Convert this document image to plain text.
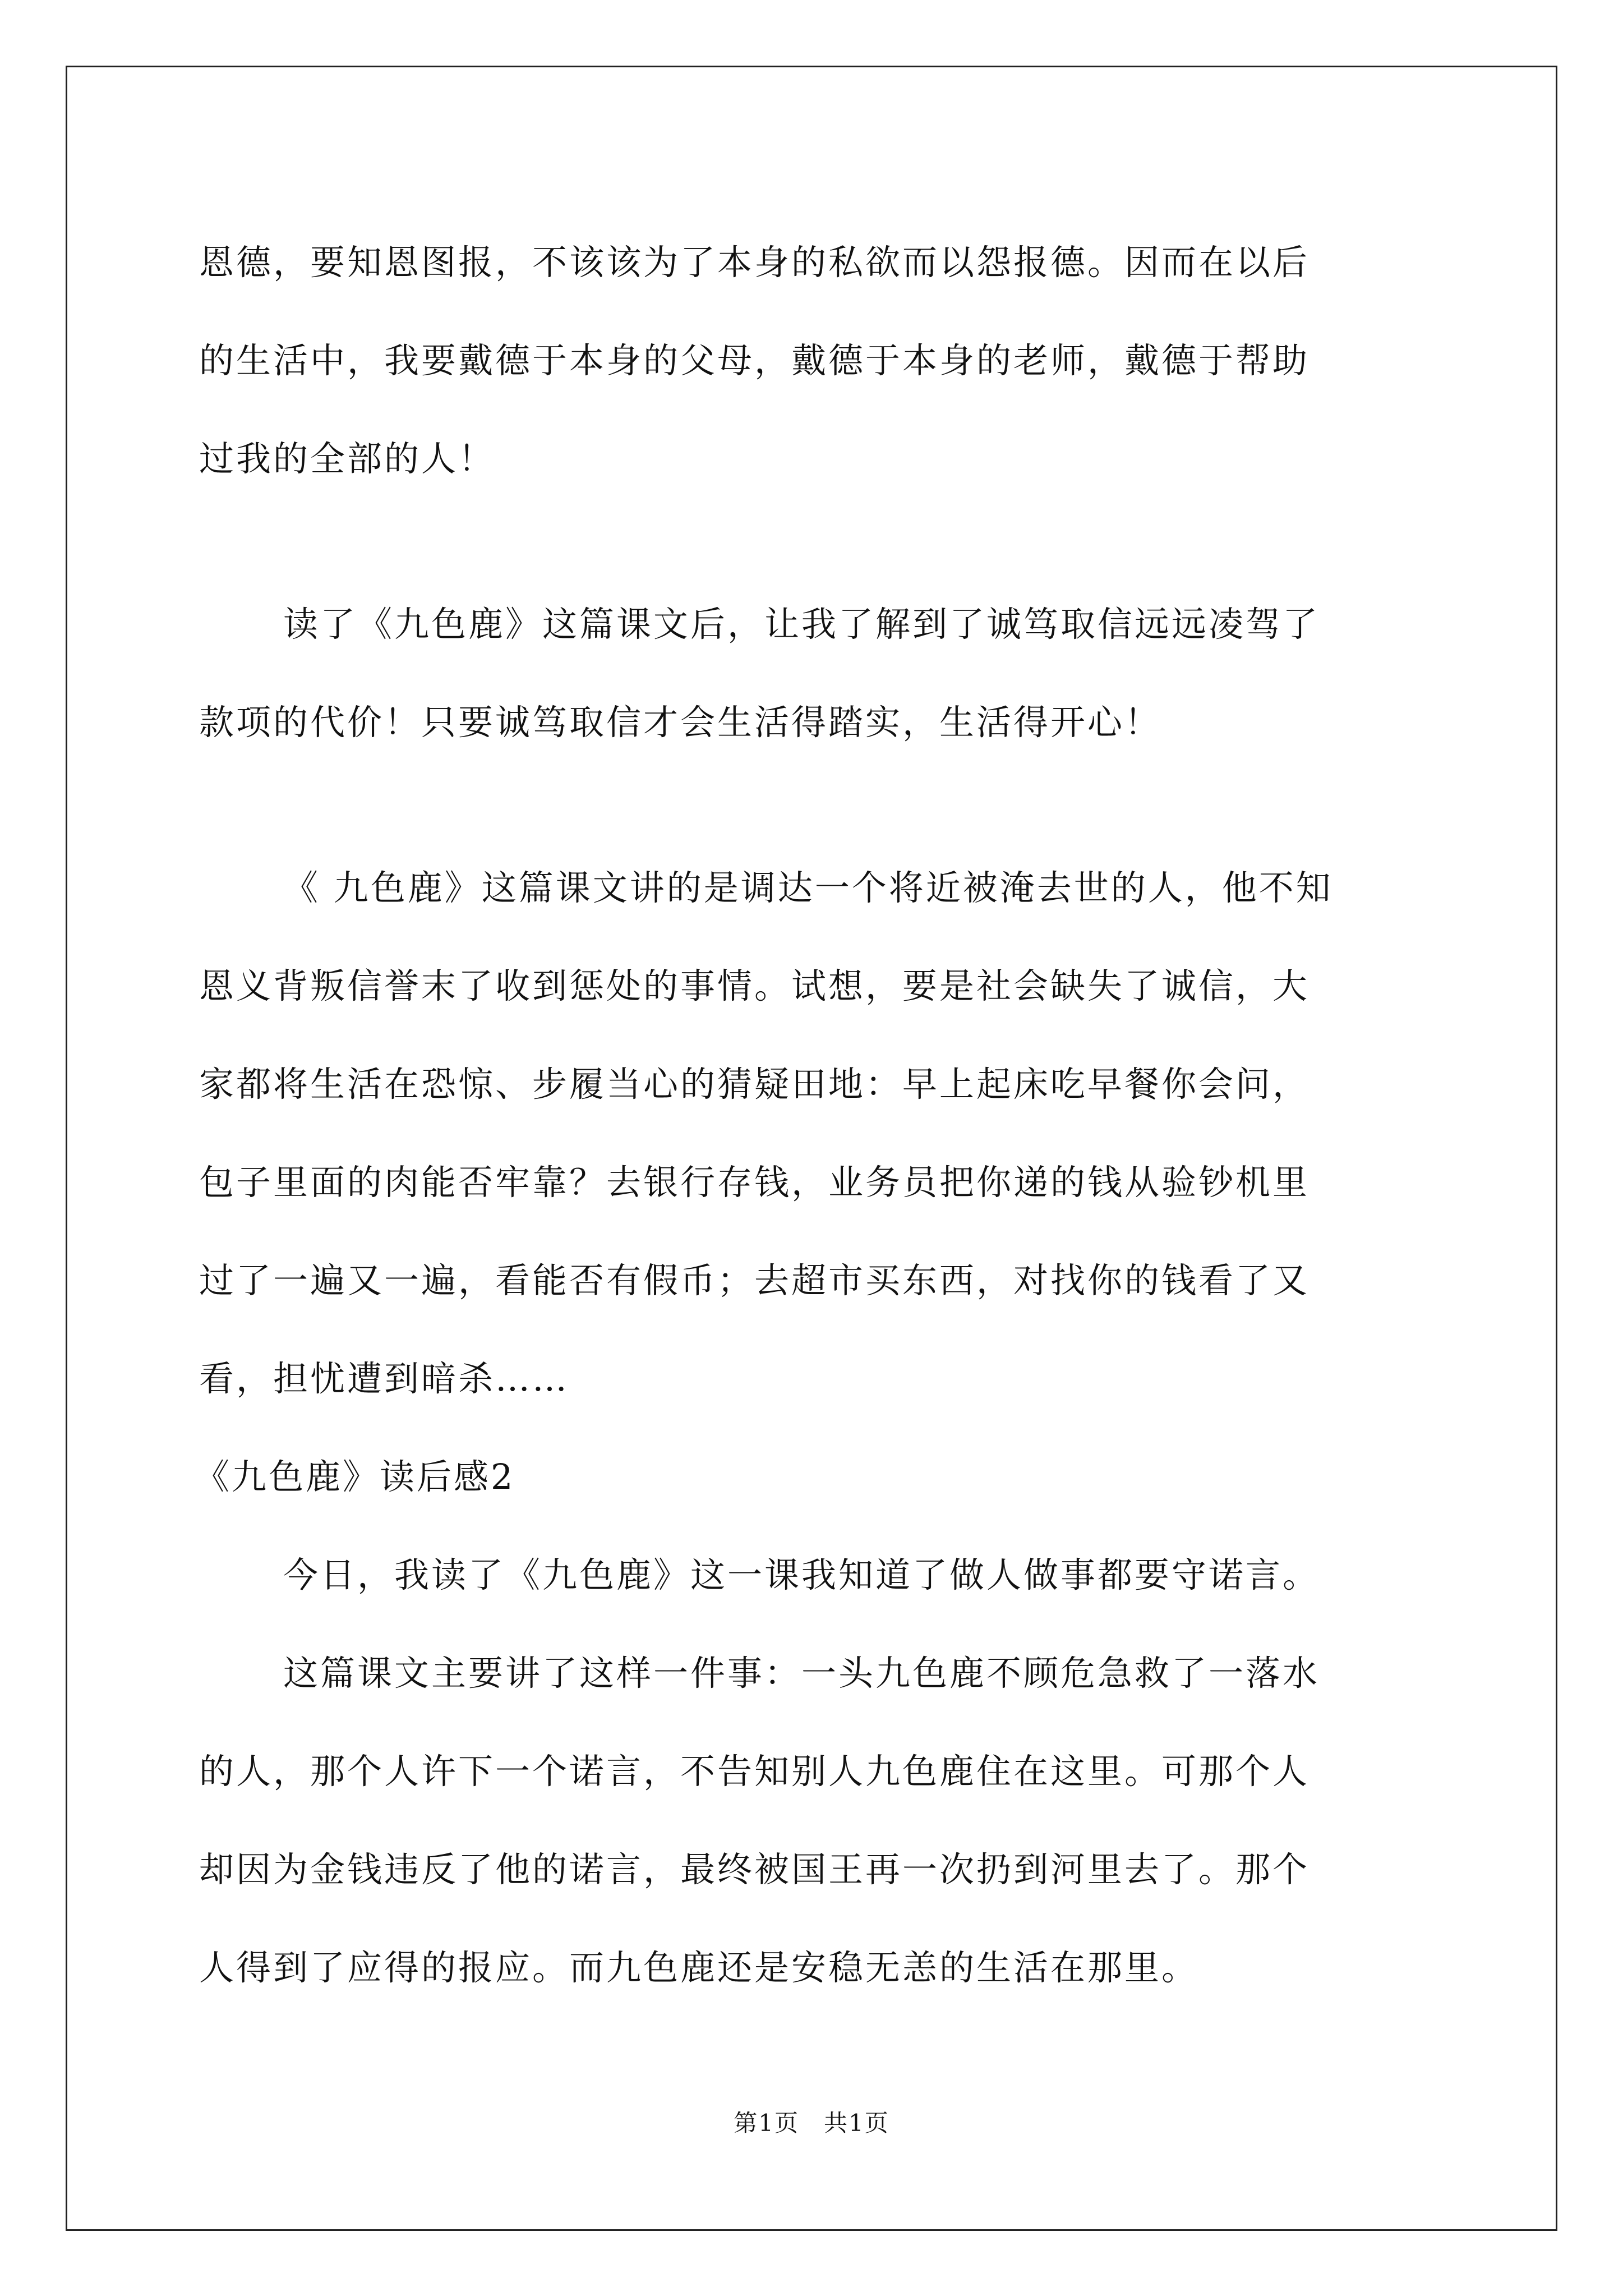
恩德，要知恩图报，不该该为了本身的私欲而以怨报德。因而在以后
的生活中，我要戴德于本身的父母，戴德于本身的老师，戴德于帮助
过我的全部的人！
读了《九色鹿》这篇课文后，让我了解到了诚笃取信远远凌驾了
款项的代价！只要诚笃取信才会生活得踏实，生活得开心！
《 九色鹿》这篇课文讲的是调达一个将近被淹去世的人，他不知
恩义背叛信誉末了收到惩处的事情。试想，要是社会缺失了诚信，大
家都将生活在恐惊、步履当心的猜疑田地：早上起床吃早餐你会问，
包子里面的肉能否牢靠？去银行存钱，业务员把你递的钱从验钞机里
过了一遍又一遍，看能否有假币；去超市买东西，对找你的钱看了又
看，担忧遭到暗杀……
《九色鹿》读后感2
今日，我读了《九色鹿》这一课我知道了做人做事都要守诺言。
这篇课文主要讲了这样一件事：一头九色鹿不顾危急救了一落水
的人，那个人许下一个诺言，不告知别人九色鹿住在这里。可那个人
却因为金钱违反了他的诺言，最终被国王再一次扔到河里去了。那个
人得到了应得的报应。而九色鹿还是安稳无恙的生活在那里。
第1页　共1页
